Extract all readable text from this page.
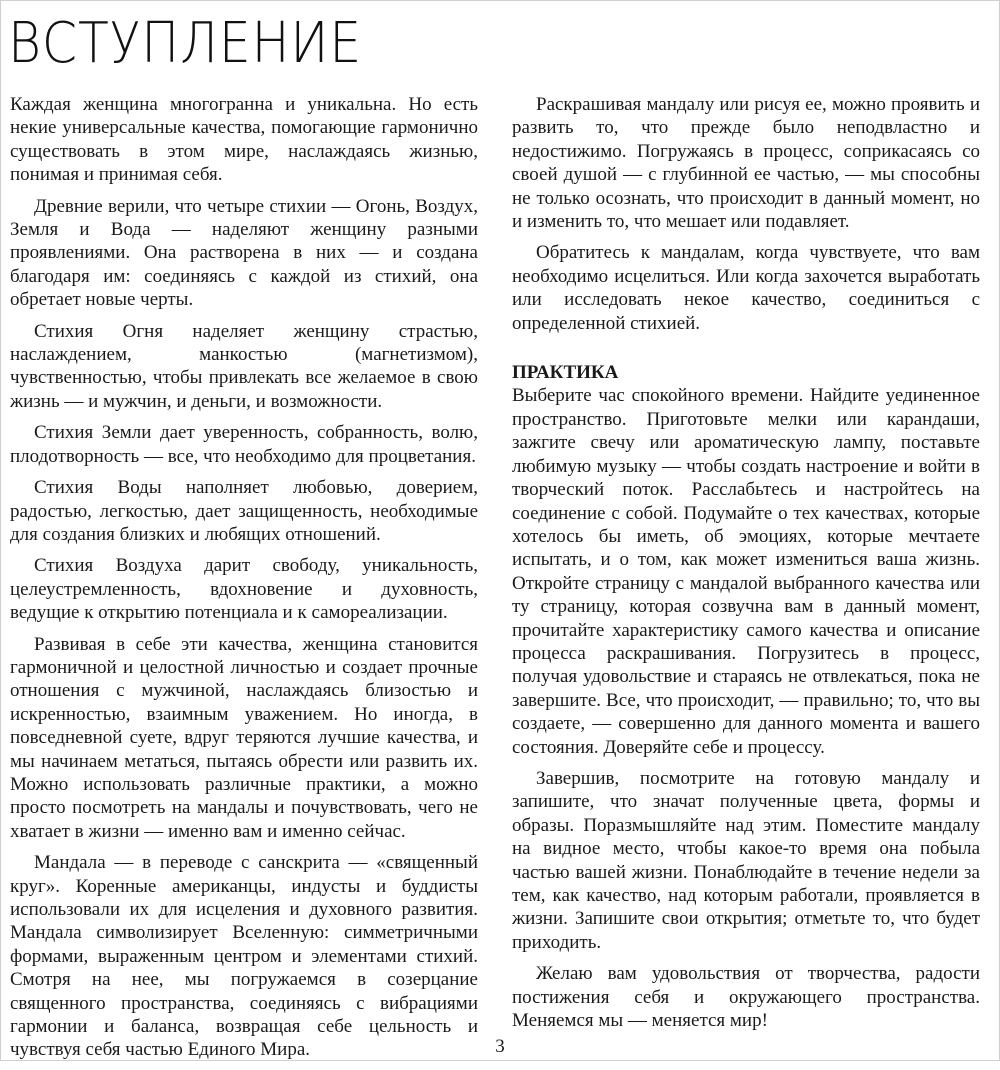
ВСТУПЛЕНИЕ

Каждая женщина многогранна и уникальна. Но есть некие универсальные качества, помогающие гармонично существовать в этом мире, наслаждаясь жизнью, понимая и принимая себя.

Древние верили, что четыре стихии — Огонь, Воздух, Земля и Вода — наделяют женщину разными проявлениями. Она растворена в них — и создана благодаря им: соединяясь с каждой из стихий, она обретает новые черты.

Стихия Огня наделяет женщину страстью, наслаждением, манкостью (магнетизмом), чувственностью, чтобы привлекать все желаемое в свою жизнь — и мужчин, и деньги, и возможности.

Стихия Земли дает уверенность, собранность, волю, плодотворность — все, что необходимо для процветания.

Стихия Воды наполняет любовью, доверием, радостью, легкостью, дает защищенность, необходимые для создания близких и любящих отношений.

Стихия Воздуха дарит свободу, уникальность, целеустремленность, вдохновение и духовность, ведущие к открытию потенциала и к самореализации.

Развивая в себе эти качества, женщина становится гармоничной и целостной личностью и создает прочные отношения с мужчиной, наслаждаясь близостью и искренностью, взаимным уважением. Но иногда, в повседневной суете, вдруг теряются лучшие качества, и мы начинаем метаться, пытаясь обрести или развить их. Можно использовать различные практики, а можно просто посмотреть на мандалы и почувствовать, чего не хватает в жизни — именно вам и именно сейчас.

Мандала — в переводе с санскрита — «священный круг». Коренные американцы, индусты и буддисты использовали их для исцеления и духовного развития. Мандала символизирует Вселенную: симметричными формами, выраженным центром и элементами стихий. Смотря на нее, мы погружаемся в созерцание священного пространства, соединяясь с вибрациями гармонии и баланса, возвращая себе цельность и чувствуя себя частью Единого Мира.

Раскрашивая мандалу или рисуя ее, можно проявить и развить то, что прежде было неподвластно и недостижимо. Погружаясь в процесс, соприкасаясь со своей душой — с глубинной ее частью, — мы способны не только осознать, что происходит в данный момент, но и изменить то, что мешает или подавляет.

Обратитесь к мандалам, когда чувствуете, что вам необходимо исцелиться. Или когда захочется выработать или исследовать некое качество, соединиться с определенной стихией.

ПРАКТИКА

Выберите час спокойного времени. Найдите уединенное пространство. Приготовьте мелки или карандаши, зажгите свечу или ароматическую лампу, поставьте любимую музыку — чтобы создать настроение и войти в творческий поток. Расслабьтесь и настройтесь на соединение с собой. Подумайте о тех качествах, которые хотелось бы иметь, об эмоциях, которые мечтаете испытать, и о том, как может измениться ваша жизнь. Откройте страницу с мандалой выбранного качества или ту страницу, которая созвучна вам в данный момент, прочитайте характеристику самого качества и описание процесса раскрашивания. Погрузитесь в процесс, получая удовольствие и стараясь не отвлекаться, пока не завершите. Все, что происходит, — правильно; то, что вы создаете, — совершенно для данного момента и вашего состояния. Доверяйте себе и процессу.

Завершив, посмотрите на готовую мандалу и запишите, что значат полученные цвета, формы и образы. Поразмышляйте над этим. Поместите мандалу на видное место, чтобы какое-то время она побыла частью вашей жизни. Понаблюдайте в течение недели за тем, как качество, над которым работали, проявляется в жизни. Запишите свои открытия; отметьте то, что будет приходить.

Желаю вам удовольствия от творчества, радости постижения себя и окружающего пространства. Меняемся мы — меняется мир!

3
